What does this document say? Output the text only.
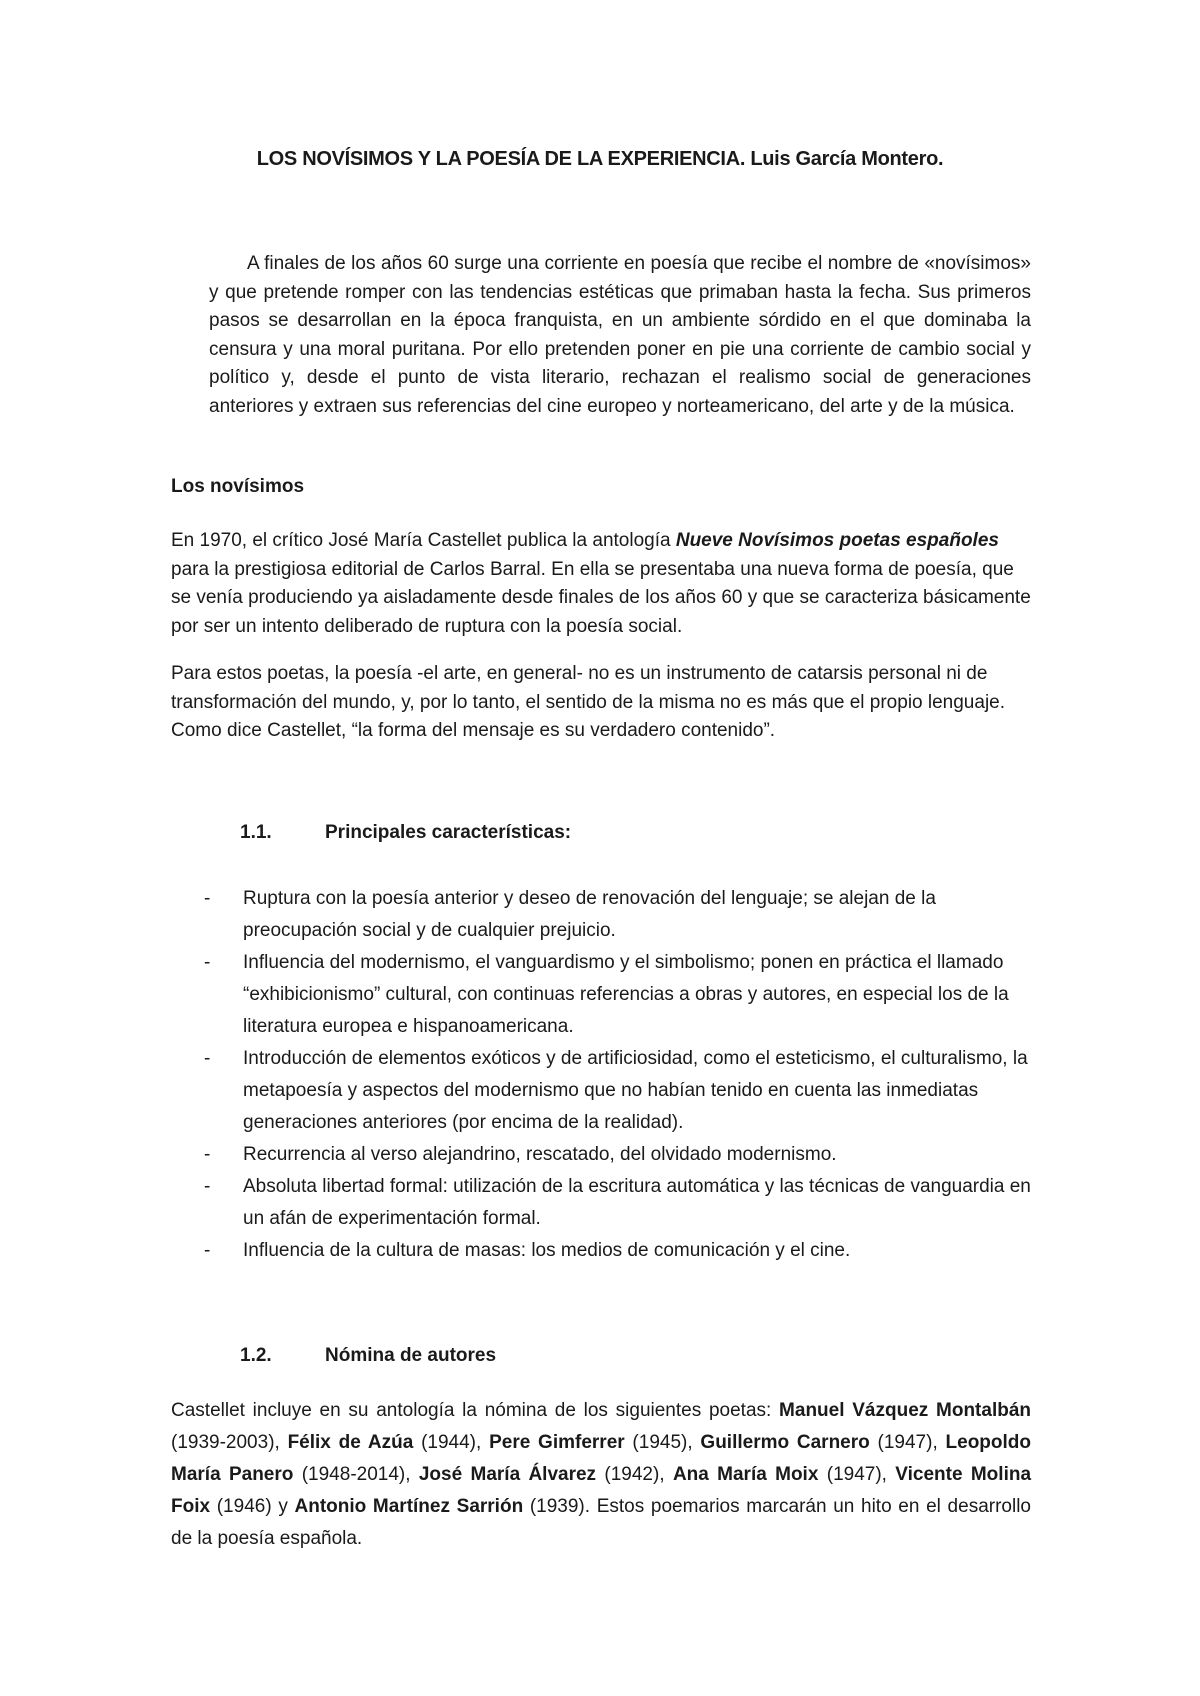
LOS NOVÍSIMOS Y LA POESÍA DE LA EXPERIENCIA. Luis García Montero.
A finales de los años 60 surge una corriente en poesía que recibe el nombre de «novísimos» y que pretende romper con las tendencias estéticas que primaban hasta la fecha. Sus primeros pasos se desarrollan en la época franquista, en un ambiente sórdido en el que dominaba la censura y una moral puritana. Por ello pretenden poner en pie una corriente de cambio social y político y, desde el punto de vista literario, rechazan el realismo social de generaciones anteriores y extraen sus referencias del cine europeo y norteamericano, del arte y de la música.
Los novísimos
En 1970, el crítico José María Castellet publica la antología Nueve Novísimos poetas españoles para la prestigiosa editorial de Carlos Barral. En ella se presentaba una nueva forma de poesía, que se venía produciendo ya aisladamente desde finales de los años 60 y que se caracteriza básicamente por ser un intento deliberado de ruptura con la poesía social.
Para estos poetas, la poesía -el arte, en general- no es un instrumento de catarsis personal ni de transformación del mundo, y, por lo tanto, el sentido de la misma no es más que el propio lenguaje. Como dice Castellet, “la forma del mensaje es su verdadero contenido”.
1.1.	Principales características:
- Ruptura con la poesía anterior y deseo de renovación del lenguaje; se alejan de la preocupación social y de cualquier prejuicio.
- Influencia del modernismo, el vanguardismo y el simbolismo; ponen en práctica el llamado “exhibicionismo” cultural, con continuas referencias a obras y autores, en especial los de la literatura europea e hispanoamericana.
- Introducción de elementos exóticos y de artificiosidad, como el esteticismo, el culturalismo, la metapoesía y aspectos del modernismo que no habían tenido en cuenta las inmediatas generaciones anteriores (por encima de la realidad).
- Recurrencia al verso alejandrino, rescatado, del olvidado modernismo.
- Absoluta libertad formal: utilización de la escritura automática y las técnicas de vanguardia en un afán de experimentación formal.
- Influencia de la cultura de masas: los medios de comunicación y el cine.
1.2.	Nómina de autores
Castellet incluye en su antología la nómina de los siguientes poetas: Manuel Vázquez Montalbán (1939-2003), Félix de Azúa (1944), Pere Gimferrer (1945), Guillermo Carnero (1947), Leopoldo María Panero (1948-2014), José María Álvarez (1942), Ana María Moix (1947), Vicente Molina Foix (1946) y Antonio Martínez Sarrión (1939). Estos poemarios marcarán un hito en el desarrollo de la poesía española.
